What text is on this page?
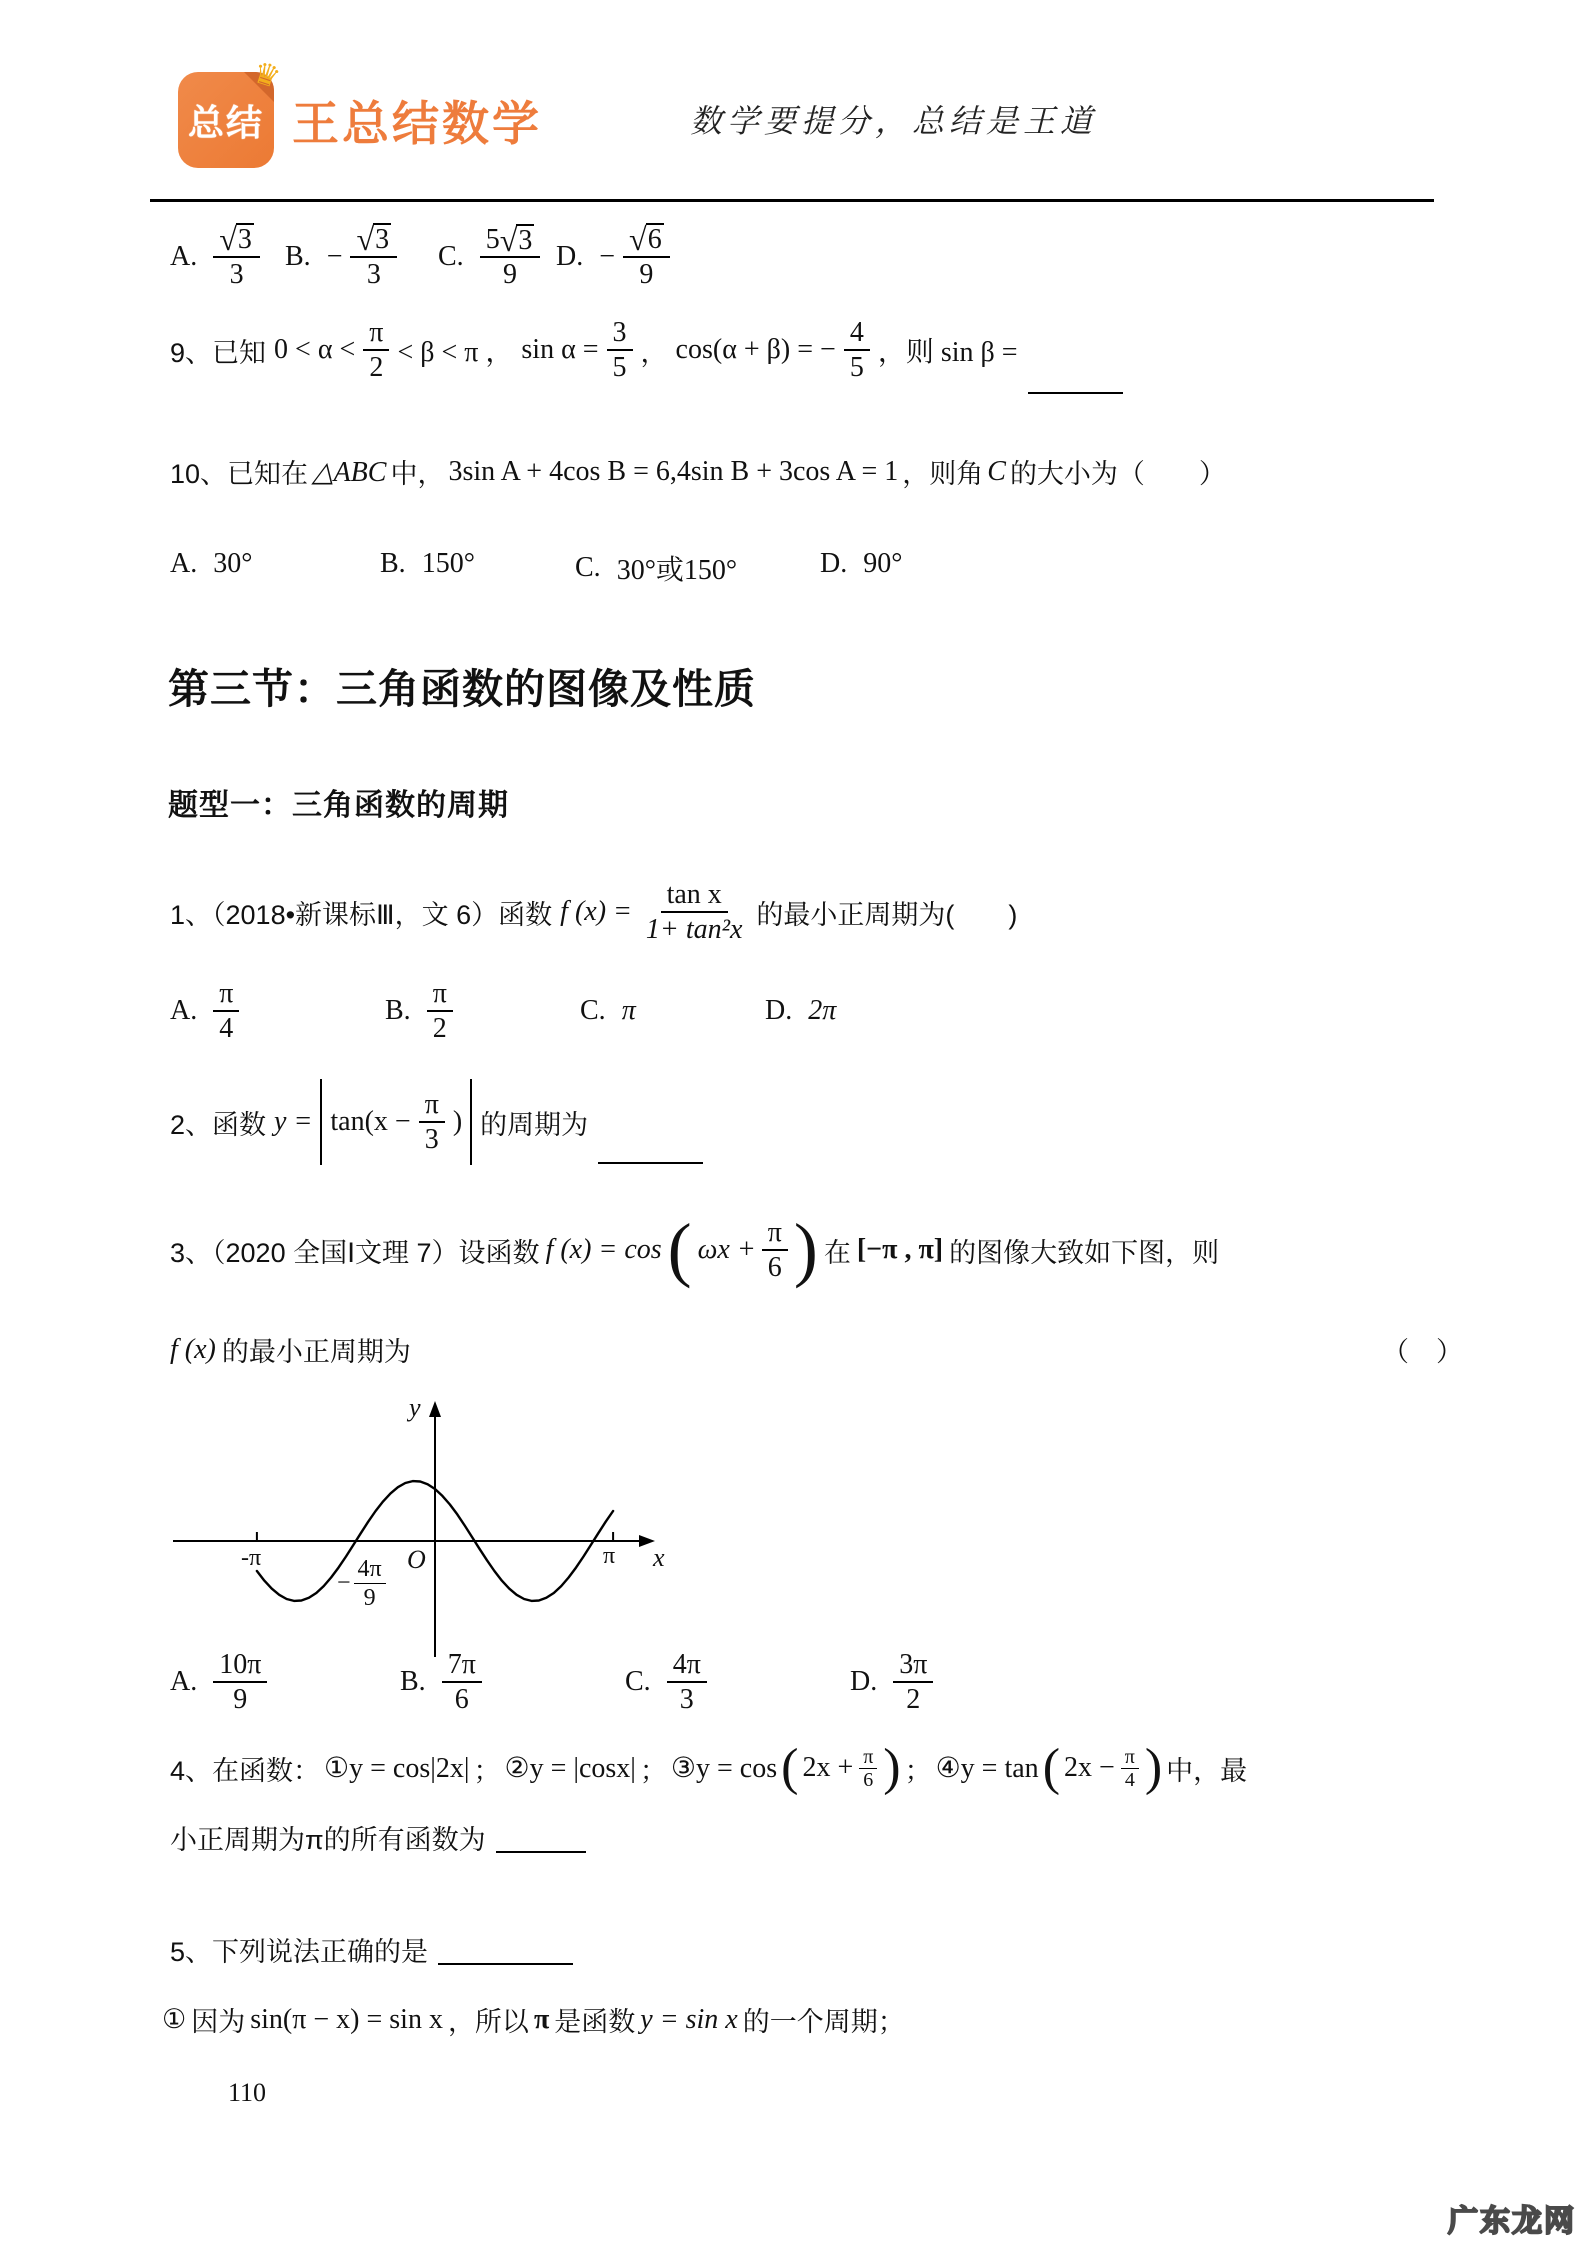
总结
♛
王总结数学	数学要提分，总结是王道
A. √ $\frac{3}{3} B$. − √ $\frac{3}{3} C$. $\frac{5 √ 3}{9} D$. − √ $\frac{6}{9}$
9、已知 $0 < \alpha < \frac{\pi}{2} < \beta < \pi$ ， $\sin \alpha = \frac{3}{5}$ ， cos(α + β) = − $\frac{4}{5}$ ，则 sin β =
10、已知在 △ABC 中， 3sin A + 4cos B = 6,4sin B + 3cos A = 1 ，则角 C 的大小为（　　）
A. 30°	B. 150°	C. 30°或150°	D. 90°
第三节：三角函数的图像及性质
题型一：三角函数的周期
1、（2018•新课标Ⅲ，文 6）函数 f $(x) = \frac{\text{tan x}}{\text{1+ tan²x}}$ 的最小正周期为(　　)
A. $\frac{\pi}{4}$	B. $\frac{\pi}{2}$	C. π	D. 2π
2、函数 $y = \tan(x - \frac{\pi}{3}$ ) 的周期为
3、（2020 全国Ⅰ文理 7）设函数 f (x) = cos ( $\omega x + \frac{\pi}{6}$ ) 在 [−π , π] 的图像大致如下图，则
f (x) 的最小正周期为	（　）
y
x
O
-π	π
− $\frac{4\pi}{9}$
A. $\frac{10\pi}{9}$	B. $\frac{7\pi}{6}$	C. $\frac{4\pi}{3}$	D. $\frac{3\pi}{2}$
4、在函数： ①y = cos|2x| ； ②y = |cosx| ； ③y = cos ( $2x + \frac{\pi}{6}$ ) ； ④y = tan ( $2x - \frac{\pi}{4}$ ) 中，最
小正周期为π的所有函数为
5、下列说法正确的是
① 因为 sin(π − x) = sin x ，所以 π 是函数 y = sin x 的一个周期；
110
广东龙网
